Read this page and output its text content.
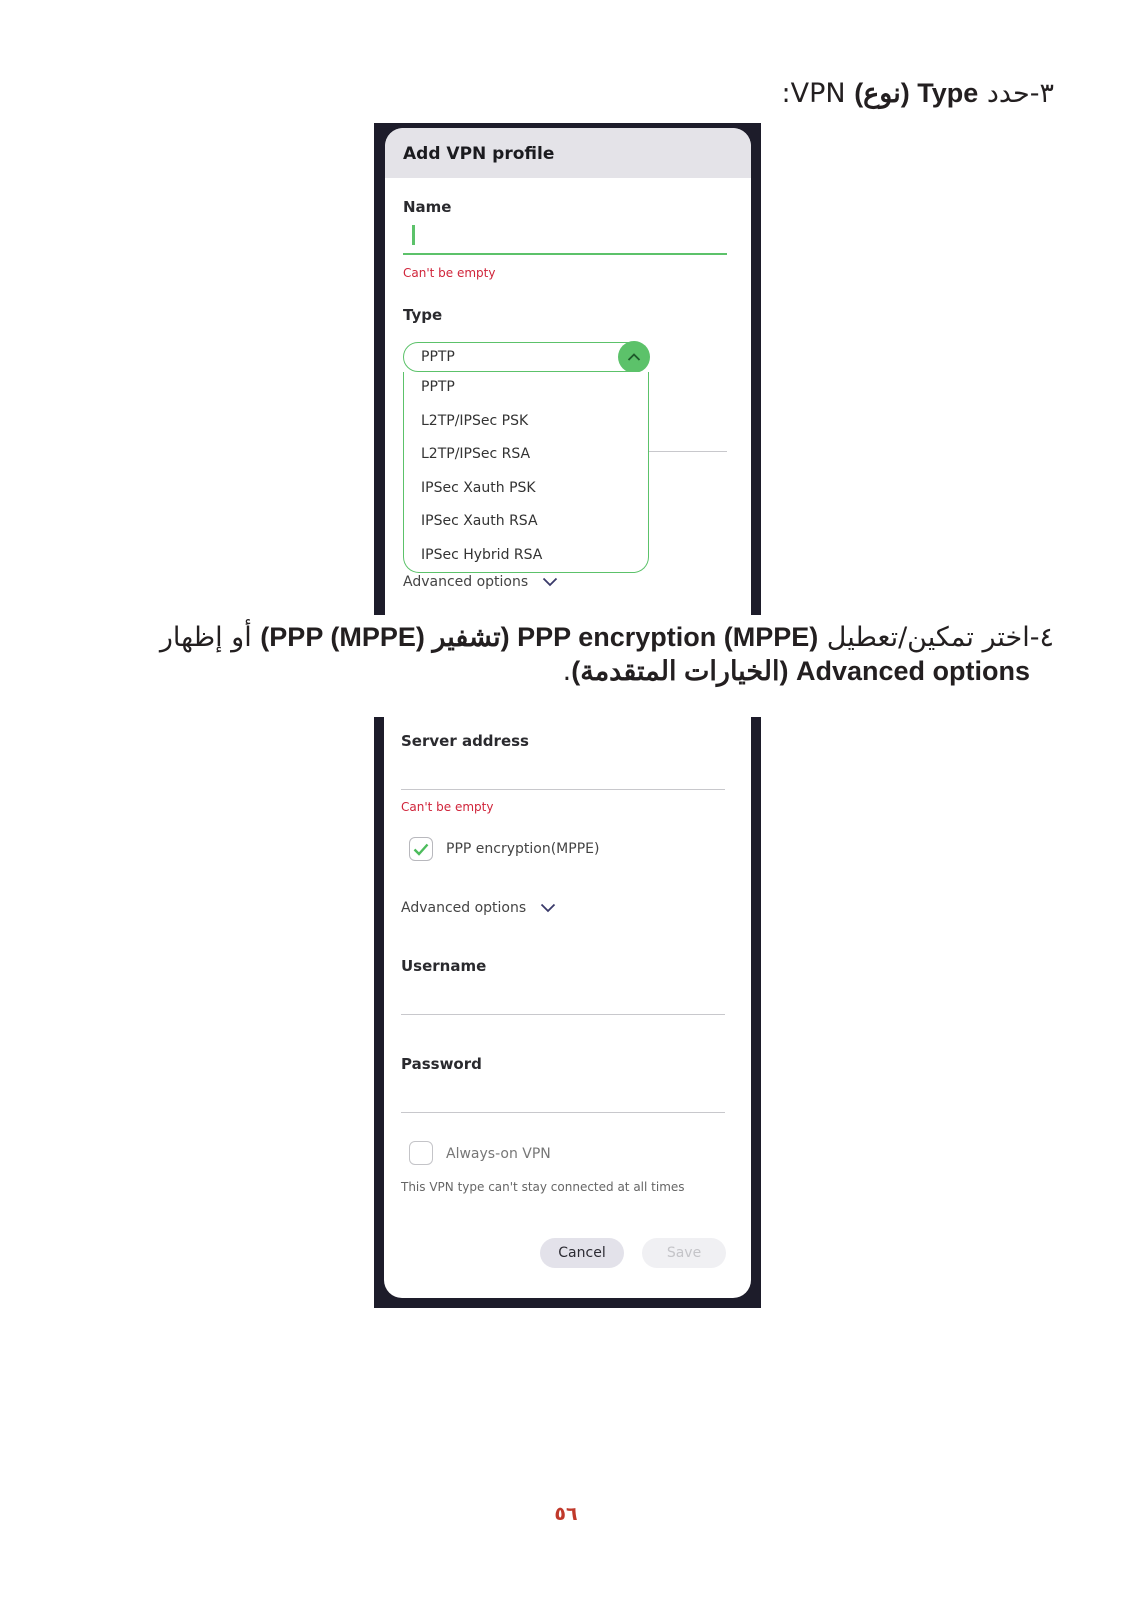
٣-حدد Type (نوع) VPN:
Add VPN profile
Name
Can't be empty
Type
PPTP
PPTP
L2TP/IPSec PSK
L2TP/IPSec RSA
IPSec Xauth PSK
IPSec Xauth RSA
IPSec Hybrid RSA
Advanced options
٤-اختر تمكين/تعطيل PPP encryption (MPPE) (تشفير PPP (MPPE)) أو إظهار
Advanced options (الخيارات المتقدمة).
Server address
Can't be empty
PPP encryption(MPPE)
Advanced options
Username
Password
Always-on VPN
This VPN type can't stay connected at all times
Cancel	Save
٥٦
